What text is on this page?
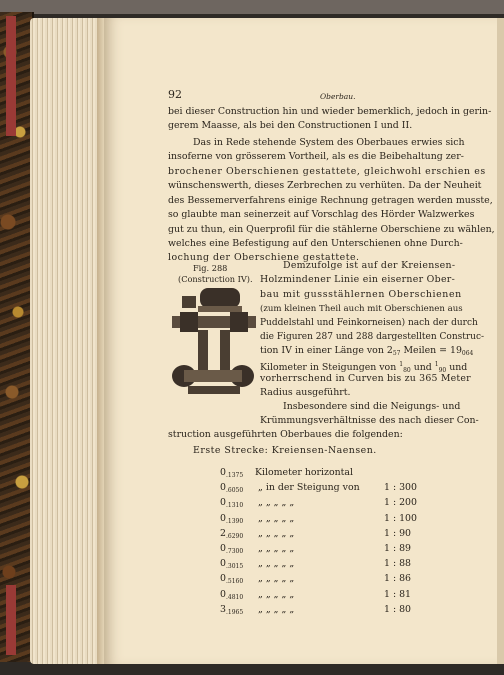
92	Oberbau.
bei dieser Construction hin und wieder bemerklich, jedoch in gerin-
gerem Maasse, als bei den Constructionen I und II.
Das in Rede stehende System des Oberbaues erwies sich
insoferne von grösserem Vortheil, als es die Beibehaltung zer-
brochener Oberschienen gestattete, gleichwohl erschien es
wünschenswerth, dieses Zerbrechen zu verhüten. Da der Neuheit
des Bessemerverfahrens einige Rechnung getragen werden musste,
so glaubte man seinerzeit auf Vorschlag des Hörder Walzwerkes
gut zu thun, ein Querprofil für die stählerne Oberschiene zu wählen,
welches eine Befestigung auf den Unterschienen ohne Durch-
lochung der Oberschiene gestattete.
Fig. 288
(Construction IV).
Demzufolge ist auf der Kreiensen-
Holzmindener Linie ein eiserner Ober-
bau mit gussstählernen Oberschienen
(zum kleinen Theil auch mit Oberschienen aus
Puddelstahl und Feinkorneisen) nach der durch
die Figuren 287 und 288 dargestellten Construc-
tion IV in einer Länge von $2_{57}$ Meilen = $19_{064}$
Kilometer in Steigungen von $^1_{80}$ und $^1_{90}$ und
vorherrschend in Curven bis zu 365 Meter
Radius ausgeführt.
Insbesondere sind die Neigungs- und
Krümmungsverhältnisse des nach dieser Con-
struction ausgeführten Oberbaues die folgenden:
Erste Strecke: Kreiensen-Naensen.
$0_{.1375}$ Kilometer horizontal
$0_{.6050}$ „ in der Steigung von	1 : 300
$0_{.1310}$ „ „ „ „ „	1 : 200
$0_{.1390}$ „ „ „ „ „	1 : 100
$2_{.6290}$ „ „ „ „ „	1 : 90
$0_{.7300}$ „ „ „ „ „	1 : 89
$0_{.3015}$ „ „ „ „ „	1 : 88
$0_{.5160}$ „ „ „ „ „	1 : 86
$0_{.4810}$ „ „ „ „ „	1 : 81
$3_{.1965}$ „ „ „ „ „	1 : 80
